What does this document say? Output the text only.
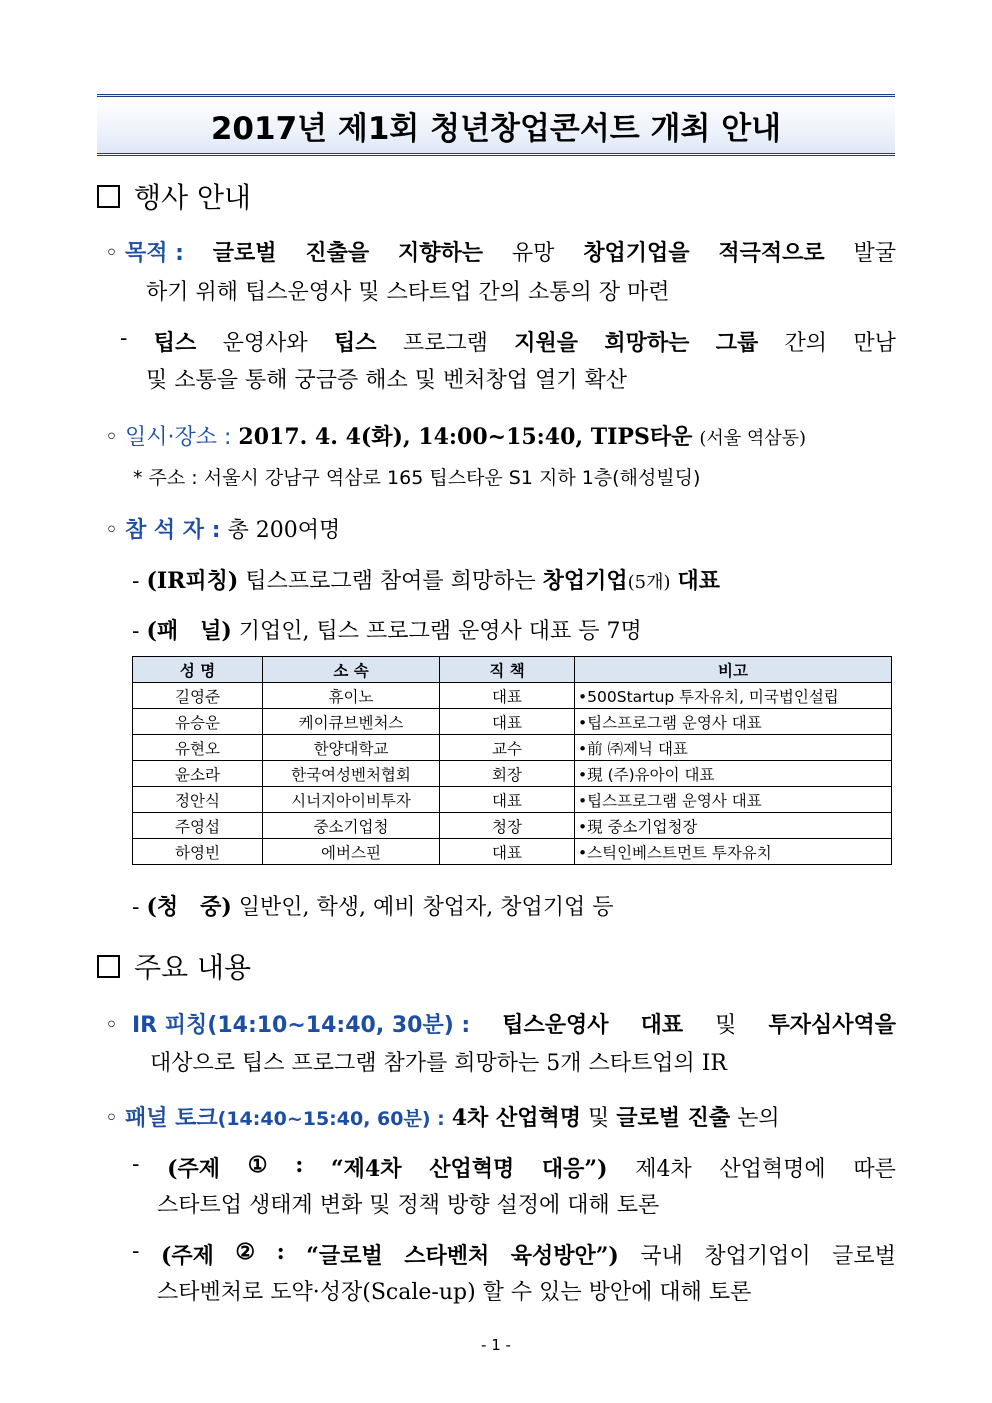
2017년 제1회 청년창업콘서트 개최 안내
행사 안내
◦ 목적 : 글로벌 진출을 지향하는 유망 창업기업을 적극적으로 발굴
하기 위해 팁스운영사 및 스타트업 간의 소통의 장 마련
- 팁스 운영사와 팁스 프로그램 지원을 희망하는 그룹 간의 만남
및 소통을 통해 궁금증 해소 및 벤처창업 열기 확산
◦ 일시·장소 : 2017. 4. 4(화), 14:00~15:40, TIPS타운 (서울 역삼동)
* 주소 : 서울시 강남구 역삼로 165 팁스타운 S1 지하 1층(해성빌딩)
◦ 참 석 자 : 총 200여명
- (IR피칭) 팁스프로그램 참여를 희망하는 창업기업(5개) 대표
- (패　널) 기업인, 팁스 프로그램 운영사 대표 등 7명
성 명	소 속	직 책	비고
길영준	휴이노	대표	•500Startup 투자유치, 미국법인설립
유승운	케이큐브벤처스	대표	•팁스프로그램 운영사 대표
유현오	한양대학교	교수	•前 ㈜제닉 대표
윤소라	한국여성벤처협회	회장	•現 (주)유아이 대표
정안식	시너지아이비투자	대표	•팁스프로그램 운영사 대표
주영섭	중소기업청	청장	•現 중소기업청장
하영빈	에버스핀	대표	•스틱인베스트먼트 투자유치
- (청　중) 일반인, 학생, 예비 창업자, 창업기업 등
주요 내용
◦ IR 피칭(14:10~14:40, 30분) : 팁스운영사 대표 및 투자심사역을
대상으로 팁스 프로그램 참가를 희망하는 5개 스타트업의 IR
◦ 패널 토크(14:40~15:40, 60분) : 4차 산업혁명 및 글로벌 진출 논의
- (주제 ① : “제4차 산업혁명 대응”) 제4차 산업혁명에 따른
스타트업 생태계 변화 및 정책 방향 설정에 대해 토론
- (주제 ② : “글로벌 스타벤처 육성방안”) 국내 창업기업이 글로벌
스타벤처로 도약·성장(Scale-up) 할 수 있는 방안에 대해 토론
- 1 -
